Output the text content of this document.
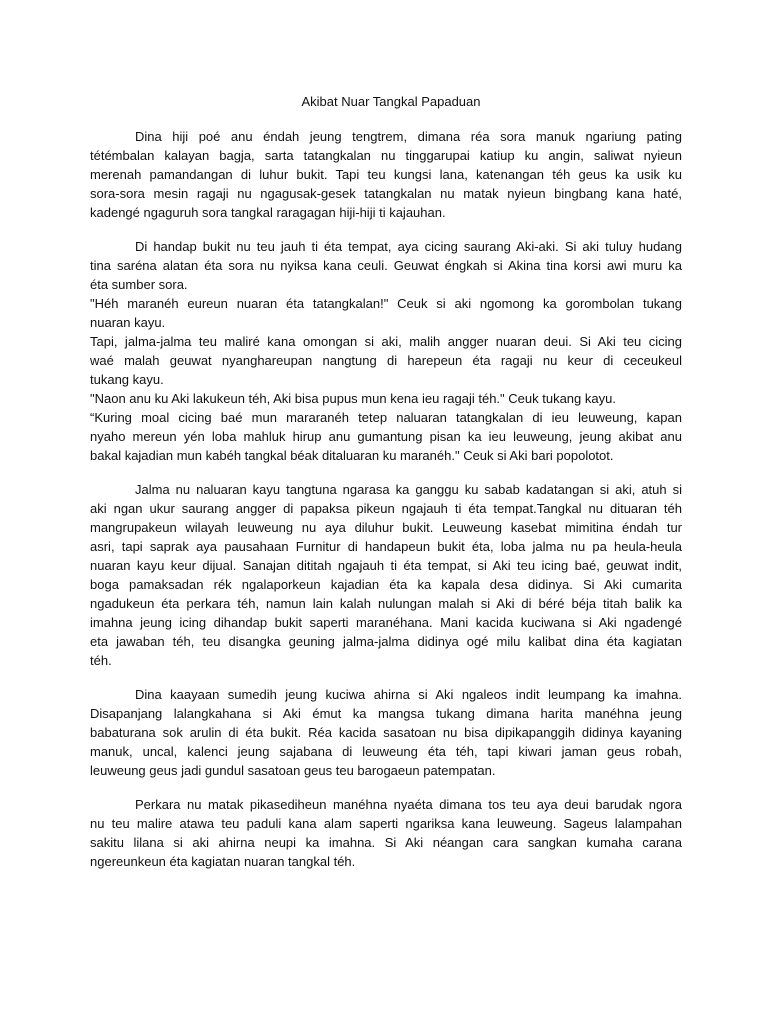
Akibat Nuar Tangkal Papaduan
Dina hiji poé anu éndah jeung tengtrem, dimana réa sora manuk ngariung pating
tétémbalan kalayan bagja, sarta tatangkalan nu tinggarupai katiup ku angin, saliwat nyieun
merenah pamandangan di luhur bukit. Tapi teu kungsi lana, katenangan téh geus ka usik ku
sora-sora mesin ragaji nu ngagusak-gesek tatangkalan nu matak nyieun bingbang kana haté,
kadengé ngaguruh sora tangkal raragagan hiji-hiji ti kajauhan.
Di handap bukit nu teu jauh ti éta tempat, aya cicing saurang Aki-aki. Si aki tuluy hudang
tina saréna alatan éta sora nu nyiksa kana ceuli. Geuwat éngkah si Akina tina korsi awi muru ka
éta sumber sora.
"Héh maranéh eureun nuaran éta tatangkalan!" Ceuk si aki ngomong ka gorombolan tukang
nuaran kayu.
Tapi, jalma-jalma teu maliré kana omongan si aki, malih angger nuaran deui. Si Aki teu cicing
waé malah geuwat nyanghareupan nangtung di harepeun éta ragaji nu keur di ceceukeul
tukang kayu.
"Naon anu ku Aki lakukeun téh, Aki bisa pupus mun kena ieu ragaji téh." Ceuk tukang kayu.
“Kuring moal cicing baé mun mararanéh tetep naluaran tatangkalan di ieu leuweung, kapan
nyaho mereun yén loba mahluk hirup anu gumantung pisan ka ieu leuweung, jeung akibat anu
bakal kajadian mun kabéh tangkal béak ditaluaran ku maranéh." Ceuk si Aki bari popolotot.
Jalma nu naluaran kayu tangtuna ngarasa ka ganggu ku sabab kadatangan si aki, atuh si
aki ngan ukur saurang angger di papaksa pikeun ngajauh ti éta tempat.Tangkal nu dituaran téh
mangrupakeun wilayah leuweung nu aya diluhur bukit. Leuweung kasebat mimitina éndah tur
asri, tapi saprak aya pausahaan Furnitur di handapeun bukit éta, loba jalma nu pa heula-heula
nuaran kayu keur dijual. Sanajan dititah ngajauh ti éta tempat, si Aki teu icing baé, geuwat indit,
boga pamaksadan rék ngalaporkeun kajadian éta ka kapala desa didinya. Si Aki cumarita
ngadukeun éta perkara téh, namun lain kalah nulungan malah si Aki di béré béja titah balik ka
imahna jeung icing dihandap bukit saperti maranéhana. Mani kacida kuciwana si Aki ngadengé
eta jawaban téh, teu disangka geuning jalma-jalma didinya ogé milu kalibat dina éta kagiatan
téh.
Dina kaayaan sumedih jeung kuciwa ahirna si Aki ngaleos indit leumpang ka imahna.
Disapanjang lalangkahana si Aki émut ka mangsa tukang dimana harita manéhna jeung
babaturana sok arulin di éta bukit. Réa kacida sasatoan nu bisa dipikapanggih didinya kayaning
manuk, uncal, kalenci jeung sajabana di leuweung éta téh, tapi kiwari jaman geus robah,
leuweung geus jadi gundul sasatoan geus teu barogaeun patempatan.
Perkara nu matak pikasediheun manéhna nyaéta dimana tos teu aya deui barudak ngora
nu teu malire atawa teu paduli kana alam saperti ngariksa kana leuweung. Sageus lalampahan
sakitu lilana si aki ahirna neupi ka imahna. Si Aki néangan cara sangkan kumaha carana
ngereunkeun éta kagiatan nuaran tangkal téh.
